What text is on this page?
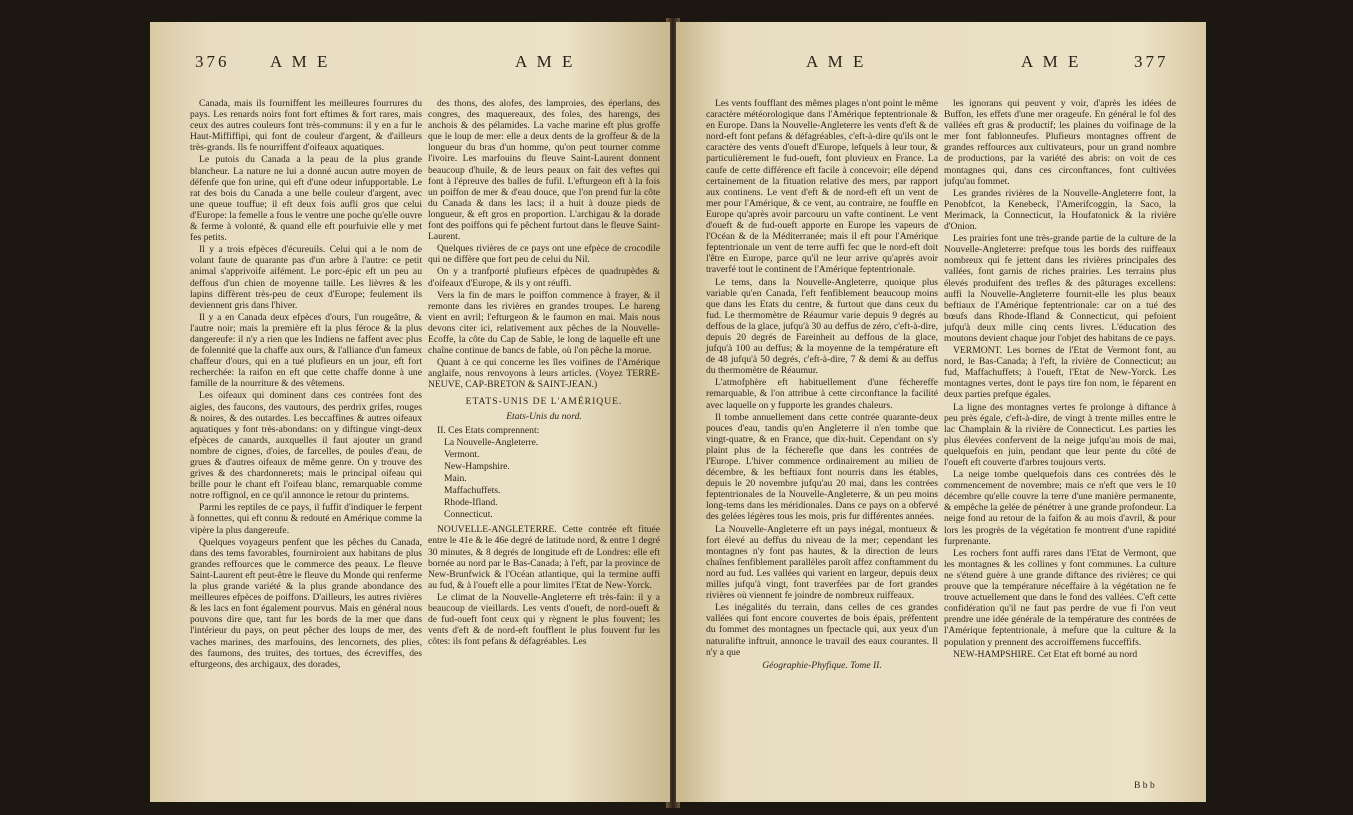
376 A M E	A M E

Canada, mais ils fourniffent les meilleures fourrures du pays. Les renards noirs font fort eftimes & fort rares, mais ceux des autres couleurs font très-communs: il y en a fur le Haut-Miffiffipi, qui font de couleur d'argent, & d'ailleurs très-grands. Ils fe nourriffent d'oifeaux aquatiques.

Le putois du Canada a la peau de la plus grande blancheur. La nature ne lui a donné aucun autre moyen de défenfe que fon urine, qui eft d'une odeur infupportable. Le rat des bois du Canada a une belle couleur d'argent, avec une queue touffue; il eft deux fois aufli gros que celui d'Europe: la femelle a fous le ventre une poche qu'elle ouvre & ferme à volonté, & quand elle eft pourfuivie elle y met fes petits.

Il y a trois efpèces d'écureuils. Celui qui a le nom de volant faute de quarante pas d'un arbre à l'autre: ce petit animal s'apprivoife aifément. Le porc-épic eft un peu au deffous d'un chien de moyenne taille. Les lièvres & les lapins diffèrent très-peu de ceux d'Europe; feulement ils deviennent gris dans l'hiver.

Il y a en Canada deux efpèces d'ours, l'un rougeâtre, & l'autre noir; mais la première eft la plus féroce & la plus dangereufe: il n'y a rien que les Indiens ne faffent avec plus de folennité que la chaffe aux ours, & l'alliance d'un fameux chaffeur d'ours, qui en a tué plufieurs en un jour, eft fort recherchée: la raifon en eft que cette chaffe donne à une famille de la nourriture & des vêtemens.

Les oifeaux qui dominent dans ces contrées font des aigles, des faucons, des vautours, des perdrix grifes, rouges & noires, & des outardes. Les beccaffines & autres oifeaux aquatiques y font très-abondans: on y diftingue vingt-deux efpèces de canards, auxquelles il faut ajouter un grand nombre de cignes, d'oies, de farcelles, de poules d'eau, de grues & d'autres oifeaux de même genre. On y trouve des grives & des chardonnerets; mais le principal oifeau qui brille pour le chant eft l'oifeau blanc, remarquable comme notre roffignol, en ce qu'il annonce le retour du printems.

Parmi les reptiles de ce pays, il fuffit d'indiquer le ferpent à fonnettes, qui eft connu & redouté en Amérique comme la vipère la plus dangereufe.

Quelques voyageurs penfent que les pêches du Canada, dans des tems favorables, fourniroient aux habitans de plus grandes reffources que le commerce des peaux. Le fleuve Saint-Laurent eft peut-être le fleuve du Monde qui renferme la plus grande variété & la plus grande abondance des meilleures efpèces de poiffons. D'ailleurs, les autres rivières & les lacs en font également pourvus. Mais en général nous pouvons dire que, tant fur les bords de la mer que dans l'intérieur du pays, on peut pêcher des loups de mer, des vaches marines, des marfouins, des lencornets, des plies, des faumons, des truites, des tortues, des écreviffes, des efturgeons, des archigaux, des dorades,

des thons, des alofes, des lamproies, des éperlans, des congres, des maquereaux, des foles, des harengs, des anchois & des pélamides. La vache marine eft plus groffe que le loup de mer: elle a deux dents de la groffeur & de la longueur du bras d'un homme, qu'on peut tourner comme l'ivoire. Les marfouins du fleuve Saint-Laurent donnent beaucoup d'huile, & de leurs peaux on fait des veftes qui font à l'épreuve des balles de fufil. L'efturgeon eft à la fois un poiffon de mer & d'eau douce, que l'on prend fur la côte du Canada & dans les lacs; il a huit à douze pieds de longueur, & eft gros en proportion. L'archigau & la dorade font des poiffons qui fe pêchent furtout dans le fleuve Saint-Laurent.

Quelques rivières de ce pays ont une efpèce de crocodile qui ne diffère que fort peu de celui du Nil.

On y a tranfporté plufieurs efpèces de quadrupèdes & d'oifeaux d'Europe, & ils y ont réuffi.

Vers la fin de mars le poiffon commence à frayer, & il remonte dans les rivières en grandes troupes. Le hareng vient en avril; l'efturgeon & le faumon en mai. Mais nous devons citer ici, relativement aux pêches de la Nouvelle-Ecoffe, la côte du Cap de Sable, le long de laquelle eft une chaîne continue de bancs de fable, où l'on pêche la morue.

Quant à ce qui concerne les îles voifines de l'Amérique anglaife, nous renvoyons à leurs articles. (Voyez TERRE-NEUVE, CAP-BRETON & SAINT-JEAN.)

ETATS-UNIS DE L'AMÉRIQUE.

Etats-Unis du nord.

II. Ces Etats comprennent:

La Nouvelle-Angleterre.

Vermont.

New-Hampshire.

Main.

Maffachuffets.

Rhode-Ifland.

Connecticut.

NOUVELLE-ANGLETERRE. Cette contrée eft fituée entre le 41e & le 46e degré de latitude nord, & entre 1 degré 30 minutes, & 8 degrés de longitude eft de Londres: elle eft bornée au nord par le Bas-Canada; à l'eft, par la province de New-Brunfwick & l'Océan atlantique, qui la termine auffi au fud, & à l'oueft elle a pour limites l'Etat de New-Yorck.

Le climat de la Nouvelle-Angleterre eft très-fain: il y a beaucoup de vieillards. Les vents d'oueft, de nord-oueft & de fud-oueft font ceux qui y règnent le plus fouvent; les vents d'eft & de nord-eft foufflent le plus fouvent fur les côtes: ils font pefans & défagréables. Les

A M E	A M E	377

Les vents foufflant des mêmes plages n'ont point le même caractère météorologique dans l'Amérique feptentrionale & en Europe. Dans la Nouvelle-Angleterre les vents d'eft & de nord-eft font pefans & défagréables, c'eft-à-dire qu'ils ont le caractère des vents d'oueft d'Europe, lefquels à leur tour, & particulièrement le fud-oueft, font pluvieux en France. La caufe de cette différence eft facile à concevoir; elle dépend certainement de la fituation relative des mers, par rapport aux continens. Le vent d'eft & de nord-eft eft un vent de mer pour l'Amérique, & ce vent, au contraire, ne fouffle en Europe qu'après avoir parcouru un vafte continent. Le vent d'oueft & de fud-oueft apporte en Europe les vapeurs de l'Océan & de la Méditerranée; mais il eft pour l'Amérique feptentrionale un vent de terre auffi fec que le nord-eft doit l'être en Europe, parce qu'il ne leur arrive qu'après avoir traverfé tout le continent de l'Amérique feptentrionale.

Le tems, dans la Nouvelle-Angleterre, quoique plus variable qu'en Canada, l'eft fenfiblement beaucoup moins que dans les Etats du centre, & furtout que dans ceux du fud. Le thermomètre de Réaumur varie depuis 9 degrés au deffous de la glace, jufqu'à 30 au deffus de zéro, c'eft-à-dire, depuis 20 degrés de Fareinheit au deffous de la glace, jufqu'à 100 au deffus; & la moyenne de la température eft de 48 jufqu'à 50 degrés, c'eft-à-dire, 7 & demi & au deffus du thermomètre de Réaumur.

L'atmofphère eft habituellement d'une féchereffe remarquable, & l'on attribue à cette circonftance la facilité avec laquelle on y fupporte les grandes chaleurs.

Il tombe annuellement dans cette contrée quarante-deux pouces d'eau, tandis qu'en Angleterre il n'en tombe que vingt-quatre, & en France, que dix-huit. Cependant on s'y plaint plus de la fécherefle que dans les contrées de l'Europe. L'hiver commence ordinairement au milieu de décembre, & les beftiaux font nourris dans les étables, depuis le 20 novembre jufqu'au 20 mai, dans les contrées feptentrionales de la Nouvelle-Angleterre, & un peu moins long-tems dans les méridionales. Dans ce pays on a obfervé des gelées légères tous les mois, pris fur différentes années.

La Nouvelle-Angleterre eft un pays inégal, montueux & fort élevé au deffus du niveau de la mer; cependant les montagnes n'y font pas hautes, & la direction de leurs chaînes fenfiblement parallèles paroît affez conftamment du nord au fud. Les vallées qui varient en largeur, depuis deux milles jufqu'à vingt, font traverfées par de fort grandes rivières où viennent fe joindre de nombreux ruiffeaux.

Les inégalités du terrain, dans celles de ces grandes vallées qui font encore couvertes de bois épais, préfentent du fommet des montagnes un fpectacle qui, aux yeux d'un naturalifte inftruit, annonce le travail des eaux courantes. Il n'y a que

Géographie-Phyfique. Tome II.

les ignorans qui peuvent y voir, d'après les idées de Buffon, les effets d'une mer orageufe. En général le fol des vallées eft gras & productif; les plaines du voifinage de la mer font fablonneufes. Plufieurs montagnes offrent de grandes reffources aux cultivateurs, pour un grand nombre de productions, par la variété des abris: on voit de ces montagnes qui, dans ces circonftances, font cultivées jufqu'au fommet.

Les grandes rivières de la Nouvelle-Angleterre font, la Penobfcot, la Kenebeck, l'Amerifcoggin, la Saco, la Merimack, la Connecticut, la Houfatonick & la rivière d'Onion.

Les prairies font une très-grande partie de la culture de la Nouvelle-Angleterre: prefque tous les bords des ruiffeaux nombreux qui fe jettent dans les rivières principales des vallées, font garnis de riches prairies. Les terrains plus élevés produifent des trefles & des pâturages excellens: auffi la Nouvelle-Angleterre fournit-elle les plus beaux beftiaux de l'Amérique feptentrionale: car on a tué des bœufs dans Rhode-Ifland & Connecticut, qui pefoient jufqu'à deux mille cinq cents livres. L'éducation des moutons devient chaque jour l'objet des habitans de ce pays.

VERMONT. Les bornes de l'Etat de Vermont font, au nord, le Bas-Canada; à l'eft, la rivière de Connecticut; au fud, Maffachuffets; à l'oueft, l'Etat de New-Yorck. Les montagnes vertes, dont le pays tire fon nom, le féparent en deux parties prefque égales.

La ligne des montagnes vertes fe prolonge à diftance à peu près égale, c'eft-à-dire, de vingt à trente milles entre le lac Champlain & la rivière de Connecticut. Les parties les plus élevées confervent de la neige jufqu'au mois de mai, quelquefois en juin, pendant que leur pente du côté de l'oueft eft couverte d'arbres toujours verts.

La neige tombe quelquefois dans ces contrées dès le commencement de novembre; mais ce n'eft que vers le 10 décembre qu'elle couvre la terre d'une manière permanente, & empêche la gelée de pénétrer à une grande profondeur. La neige fond au retour de la faifon & au mois d'avril, & pour lors les progrès de la végétation fe montrent d'une rapidité furprenante.

Les rochers font auffi rares dans l'Etat de Vermont, que les montagnes & les collines y font communes. La culture ne s'étend guère à une grande diftance des rivières; ce qui prouve que la température néceffaire à la végétation ne fe trouve actuellement que dans le fond des vallées. C'eft cette confidération qu'il ne faut pas perdre de vue fi l'on veut prendre une idée générale de la température des contrées de l'Amérique feptentrionale, à mefure que la culture & la population y prennent des accroiffemens fucceffifs.

NEW-HAMPSHIRE. Cet Etat eft borné au nord

B b b
